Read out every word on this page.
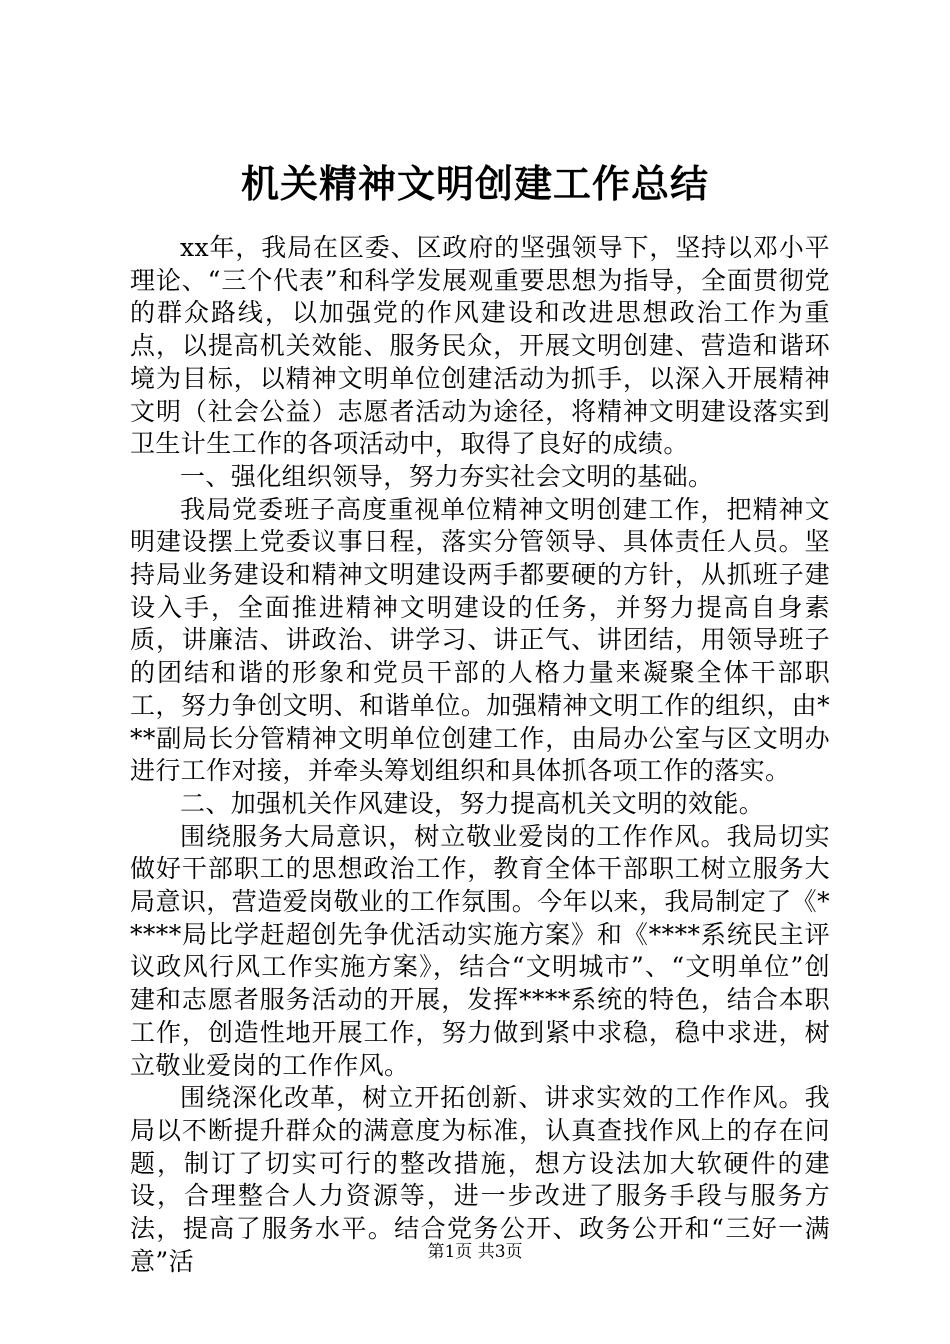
机关精神文明创建工作总结

xx年，我局在区委、区政府的坚强领导下，坚持以邓小平理论、“三个代表”和科学发展观重要思想为指导，全面贯彻党的群众路线，以加强党的作风建设和改进思想政治工作为重点，以提高机关效能、服务民众，开展文明创建、营造和谐环境为目标，以精神文明单位创建活动为抓手，以深入开展精神文明（社会公益）志愿者活动为途径，将精神文明建设落实到卫生计生工作的各项活动中，取得了良好的成绩。

一、强化组织领导，努力夯实社会文明的基础。

我局党委班子高度重视单位精神文明创建工作，把精神文明建设摆上党委议事日程，落实分管领导、具体责任人员。坚持局业务建设和精神文明建设两手都要硬的方针，从抓班子建设入手，全面推进精神文明建设的任务，并努力提高自身素质，讲廉洁、讲政治、讲学习、讲正气、讲团结，用领导班子的团结和谐的形象和党员干部的人格力量来凝聚全体干部职工，努力争创文明、和谐单位。加强精神文明工作的组织，由***副局长分管精神文明单位创建工作，由局办公室与区文明办进行工作对接，并牵头筹划组织和具体抓各项工作的落实。

二、加强机关作风建设，努力提高机关文明的效能。

围绕服务大局意识，树立敬业爱岗的工作作风。我局切实做好干部职工的思想政治工作，教育全体干部职工树立服务大局意识，营造爱岗敬业的工作氛围。今年以来，我局制定了《*****局比学赶超创先争优活动实施方案》和《****系统民主评议政风行风工作实施方案》，结合“文明城市”、“文明单位”创建和志愿者服务活动的开展，发挥****系统的特色，结合本职工作，创造性地开展工作，努力做到紧中求稳，稳中求进，树立敬业爱岗的工作作风。

围绕深化改革，树立开拓创新、讲求实效的工作作风。我局以不断提升群众的满意度为标准，认真查找作风上的存在问题，制订了切实可行的整改措施，想方设法加大软硬件的建设，合理整合人力资源等，进一步改进了服务手段与服务方法，提高了服务水平。结合党务公开、政务公开和“三好一满意”活	第1页 共3页
